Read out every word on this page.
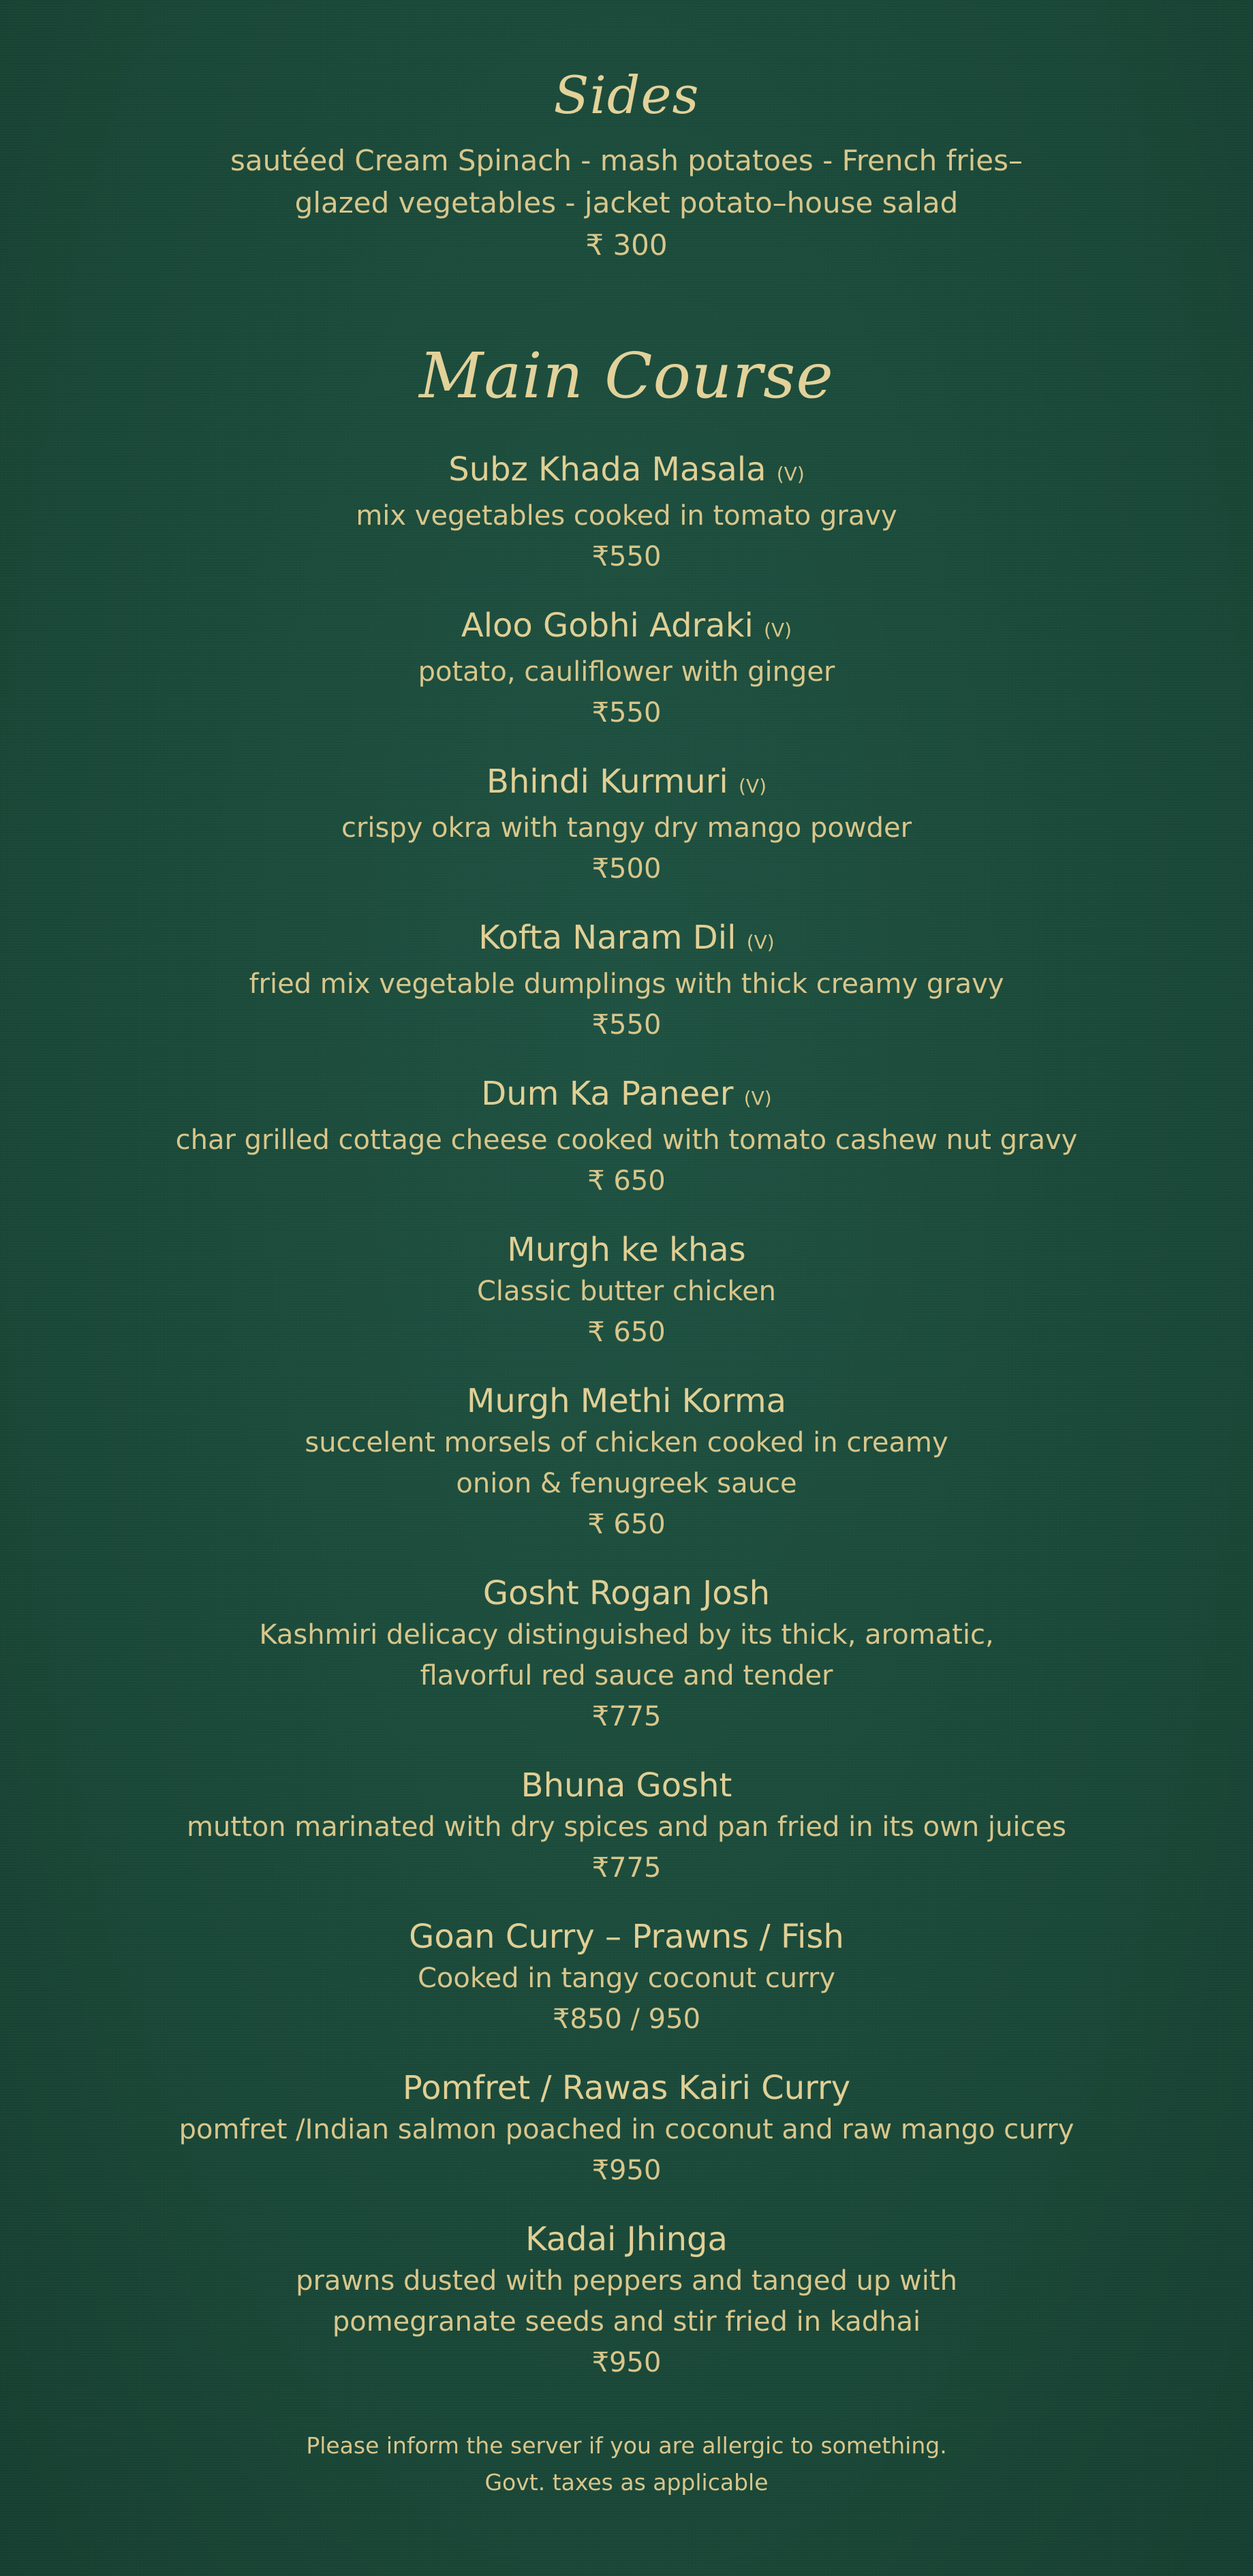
Sides
sautéed Cream Spinach - mash potatoes - French fries–
glazed vegetables - jacket potato–house salad
₹ 300
Main Course
Subz Khada Masala (V)
mix vegetables cooked in tomato gravy
₹550
Aloo Gobhi Adraki (V)
potato, cauliflower with ginger
₹550
Bhindi Kurmuri (V)
crispy okra with tangy dry mango powder
₹500
Kofta Naram Dil (V)
fried mix vegetable dumplings with thick creamy gravy
₹550
Dum Ka Paneer (V)
char grilled cottage cheese cooked with tomato cashew nut gravy
₹ 650
Murgh ke khas
Classic butter chicken
₹ 650
Murgh Methi Korma
succelent morsels of chicken cooked in creamy
onion & fenugreek sauce
₹ 650
Gosht Rogan Josh
Kashmiri delicacy distinguished by its thick, aromatic,
flavorful red sauce and tender
₹775
Bhuna Gosht
mutton marinated with dry spices and pan fried in its own juices
₹775
Goan Curry – Prawns / Fish
Cooked in tangy coconut curry
₹850 / 950
Pomfret / Rawas Kairi Curry
pomfret /Indian salmon poached in coconut and raw mango curry
₹950
Kadai Jhinga
prawns dusted with peppers and tanged up with
pomegranate seeds and stir fried in kadhai
₹950
Please inform the server if you are allergic to something.
Govt. taxes as applicable
